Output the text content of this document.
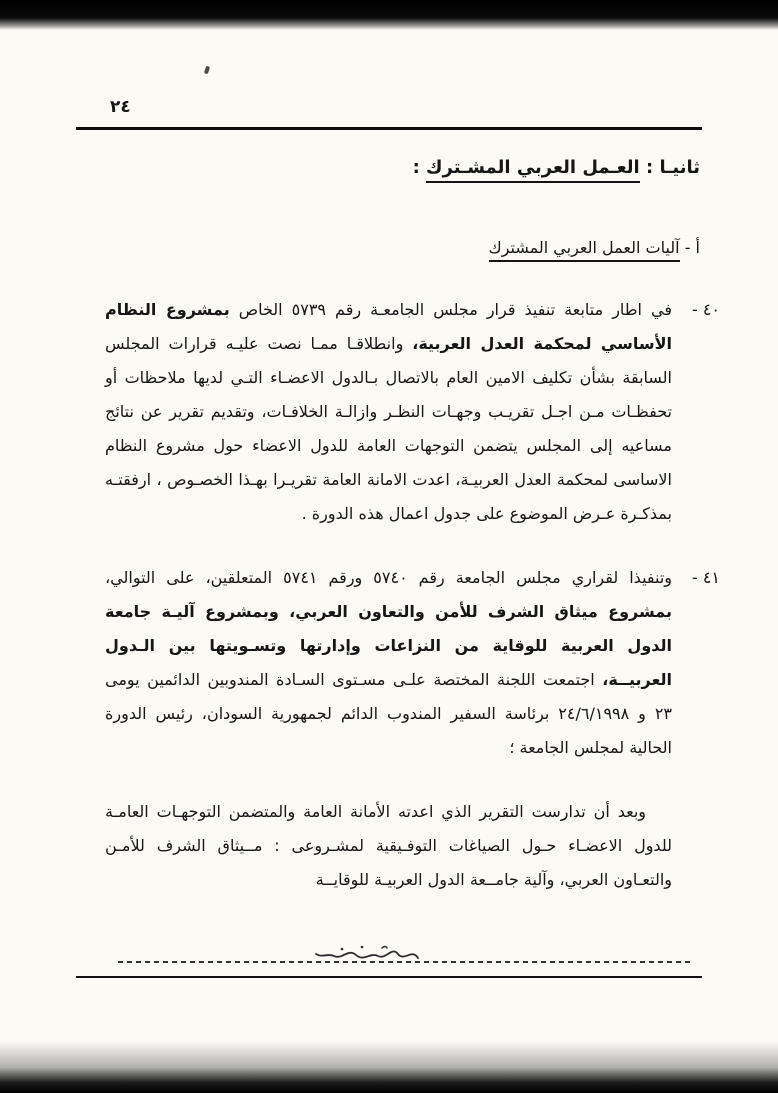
٢٤
ثانيـا : العـمل العربي المشـترك :
أ - آليات العمل العربي المشترك

٤٠ -
في اطار متابعة تنفيذ قرار مجلس الجامعـة رقم ٥٧٣٩ الخاص بمشروع النظام الأساسي لمحكمة العدل العربية، وانطلاقـا ممـا نصت عليـه قرارات المجلس السابقة بشأن تكليف الامين العام بالاتصال بـالدول الاعضـاء التـي لديها ملاحظات أو تحفظـات مـن اجـل تقريـب وجهـات النظـر وازالـة الخلافـات، وتقديم تقرير عن نتائج مساعيه إلى المجلس يتضمن التوجهات العامة للدول الاعضاء حول مشروع النظام الاساسى لمحكمة العدل العربيـة، اعدت الامانة العامة تقريـرا بهـذا الخصـوص ، ارفقتـه بمذكـرة عـرض الموضوع على جدول اعمال هذه الدورة .

٤١ -
وتنفيذا لقراري مجلس الجامعة رقم ٥٧٤٠ ورقم ٥٧٤١ المتعلقين، على التوالي، بمشروع ميثاق الشرف للأمن والتعاون العربي، وبمشروع آليـة جامعة الدول العربية للوقاية من النزاعات وإدارتها وتسـويتها بين الـدول العربيــة، اجتمعت اللجنة المختصة علـى مسـتوى السـادة المندوبين الدائمين يومى ٢٣ و ٢٤/٦/١٩٩٨ برئاسة السفير المندوب الدائم لجمهورية السودان، رئيس الدورة الحالية لمجلس الجامعة ؛

وبعد أن تدارست التقرير الذي اعدته الأمانة العامة والمتضمن التوجهـات العامـة للدول الاعضـاء حـول الصياغات التوفـيقية لمشـروعى : مــيثاق الشرف للأمـن والتعـاون العربي، وآلية جامــعة الدول العربيـة للوقايــة
